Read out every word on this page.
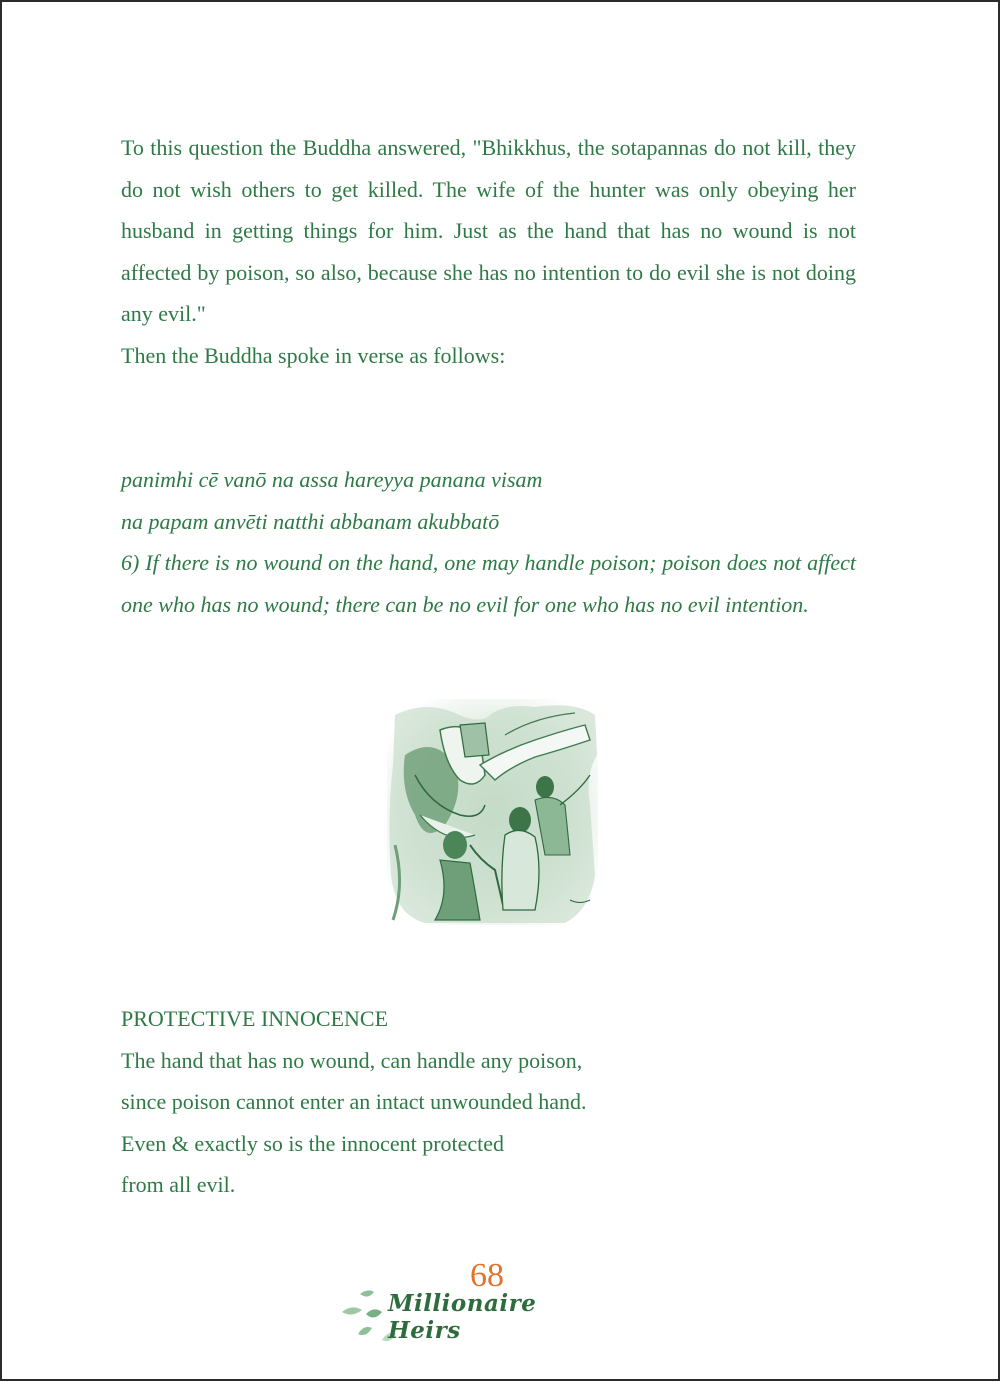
To this question the Buddha answered, "Bhikkhus, the sotapannas do not kill, they do not wish others to get killed. The wife of the hunter was only obeying her husband in getting things for him. Just as the hand that has no wound is not affected by poison, so also, because she has no intention to do evil she is not doing any evil."

Then the Buddha spoke in verse as follows:

panimhi cē vanō na assa hareyya panana visam

na papam anvēti natthi abbanam akubbatō

6) If there is no wound on the hand, one may handle poison; poison does not affect one who has no wound; there can be no evil for one who has no evil intention.

PROTECTIVE INNOCENCE

The hand that has no wound, can handle any poison,

since poison cannot enter an intact unwounded hand.

Even & exactly so is the innocent protected

from all evil.

68
Millionaire Heirs
